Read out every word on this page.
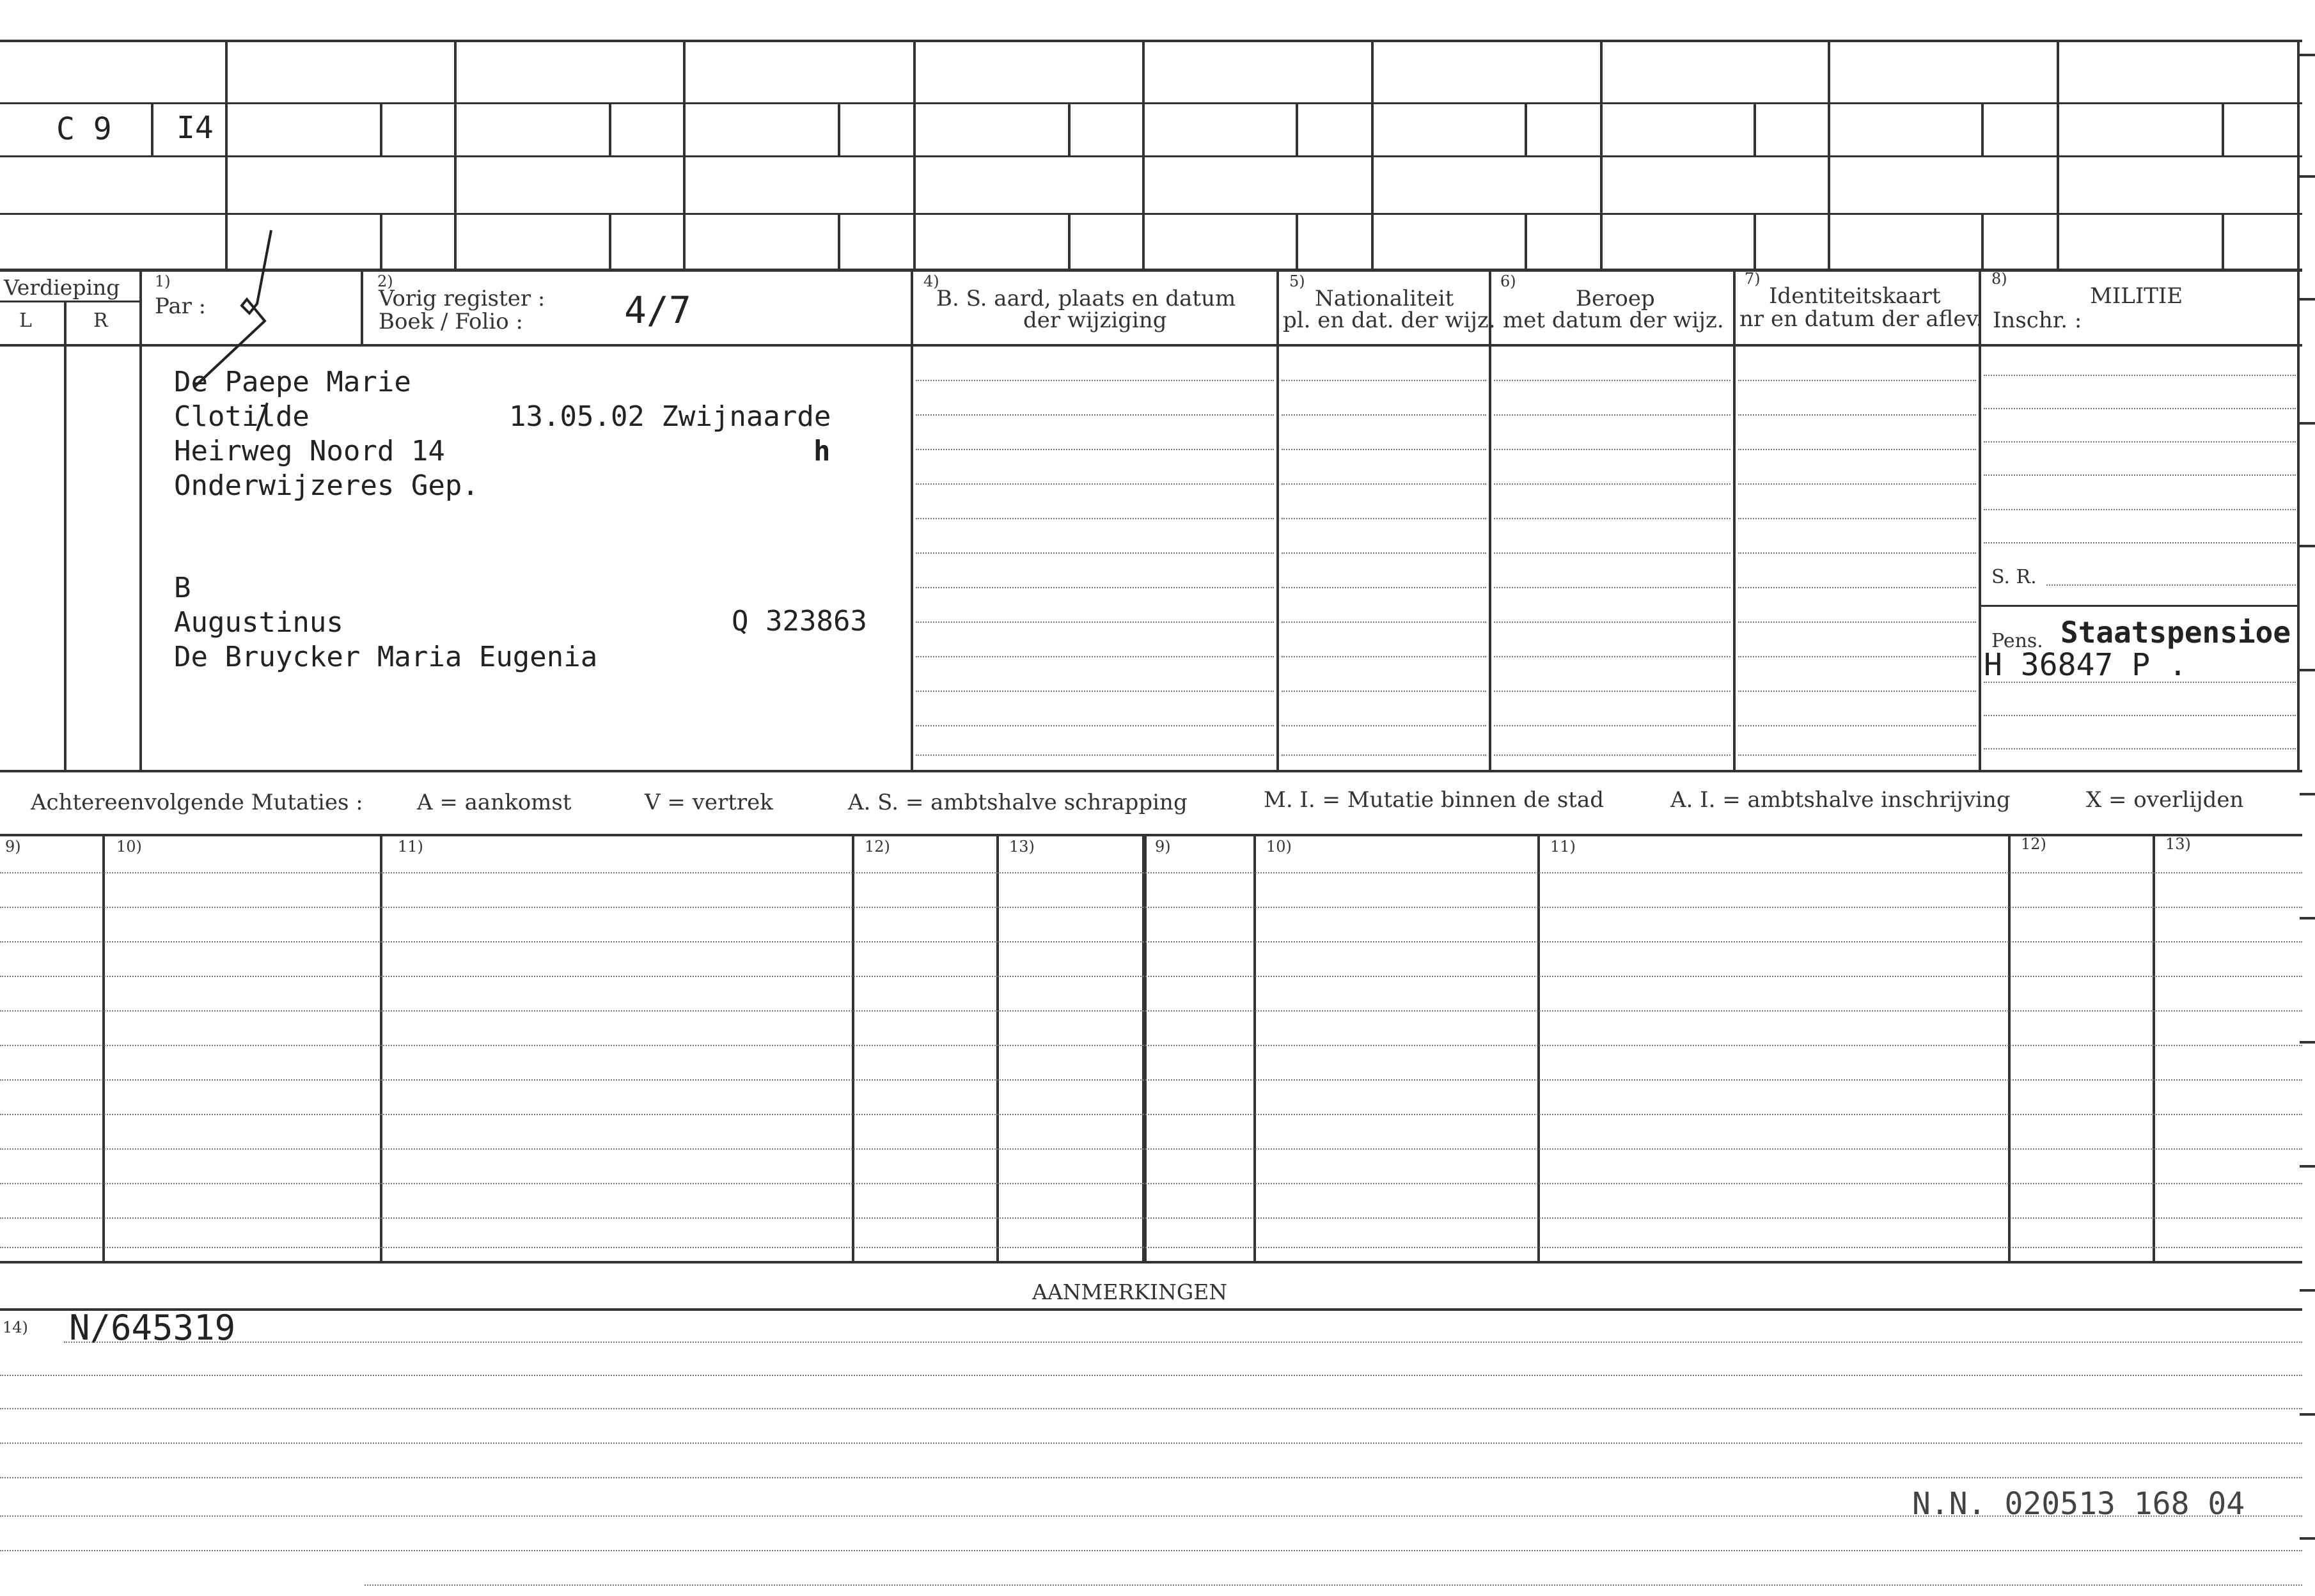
C 9 I4
Verdieping
L	R
1)
Par :
2)
Vorig register :
Boek / Folio :	4/7
4)
B. S. aard, plaats en datum
der wijziging
5)
Nationaliteit
pl. en dat. der wijz.
6)
Beroep
met datum der wijz.
7)
Identiteitskaart
nr en datum der aflev.
8)
MILITIE
Inschr. :
De Paepe Marie
Clotilde	13.05.02 Zwijnaarde
Heirweg Noord 14	h
Onderwijzeres Gep.
B
Augustinus	Q 323863
De Bruycker Maria Eugenia
S. R.
Pens. Staatspensioe
H 36847 P .
Achtereenvolgende Mutaties : A = aankomst	V = vertrek	A. S. = ambtshalve schrapping	M. I. = Mutatie binnen de stad	A. I. = ambtshalve inschrijving	X = overlijden
9)	10)	11)	12)	13)	9)	10)	11)	12)	13)
AANMERKINGEN
14) N/645319
N.N. 020513 168 04
